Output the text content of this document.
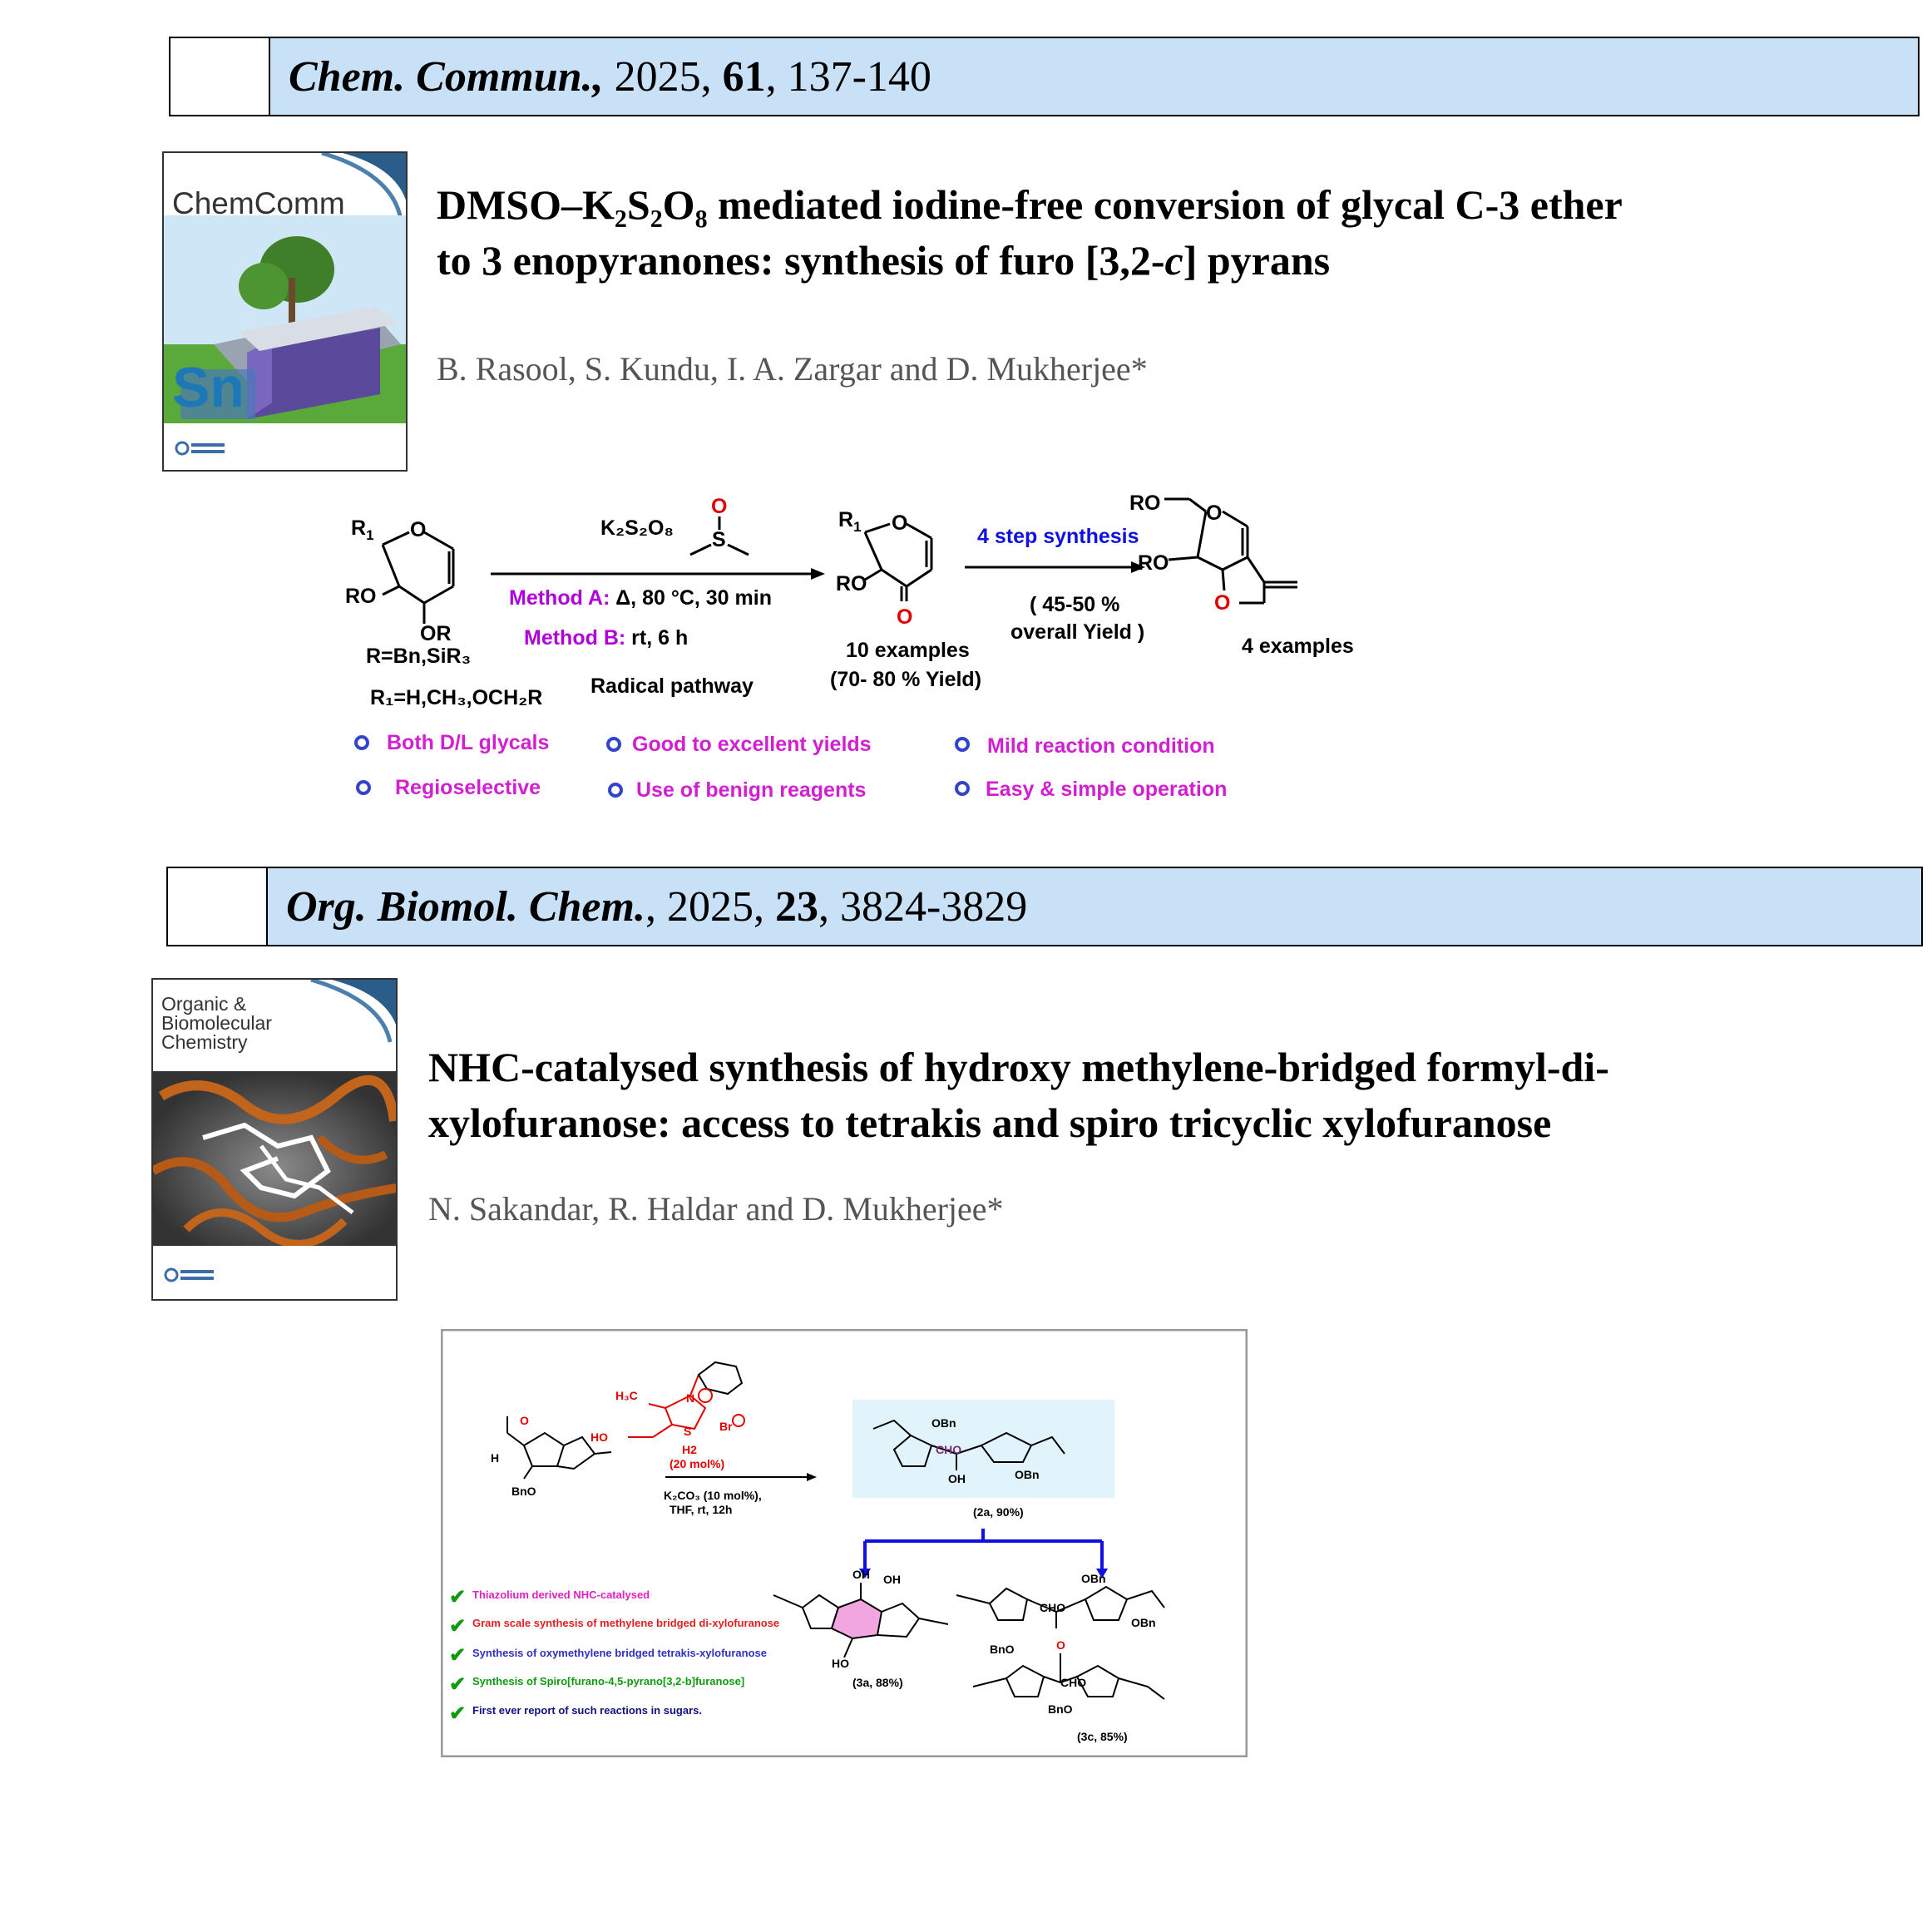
Chem. Commun., 2025, 61 , 137-140
Sn
ChemComm DMSO–K₂S₂O₈ mediated iodine-free conversion of glycal C-3 ether
to 3 enopyranones: synthesis of furo [3,2-c] pyrans
B. Rasool, S. Kundu, I. A. Zargar and D. Mukherjee*
$R_1$ O
RO
OR
R=Bn,SiR₃
R₁=H,CH₃,OCH₂R
K₂S₂O₈
O
S
Method A: Δ, 80 °C, 30 min
Method B: rt, 6 h
Radical pathway
$R_1$ O
RO
O
10 examples
(70- 80 % Yield)
4 step synthesis
( 45-50 %
overall Yield )
RO O
RO
O
4 examples
Both D/L glycals	Good to excellent yields	Mild reaction condition
Regioselective	Use of benign reagents	Easy & simple operation
Org. Biomol. Chem. , 2025, 23 , 3824-3829
Organic &
Biomolecular
Chemistry
NHC-catalysed synthesis of hydroxy methylene-bridged formyl-di-
xylofuranose: access to tetrakis and spiro tricyclic xylofuranose
N. Sakandar, R. Haldar and D. Mukherjee*
H
O
BnO
H₃C	N
S Br
HO
H2
(20 mol%)
K₂CO₃ (10 mol%),
THF, rt, 12h
OBn
CHO
OH	OBn
(2a, 90%)
✔ Thiazolium derived NHC-catalysed
✔ Gram scale synthesis of methylene bridged di-xylofuranose
✔ Synthesis of oxymethylene bridged tetrakis-xylofuranose
✔ Synthesis of Spiro[furano-4,5-pyrano[3,2-b]furanose]
✔ First ever report of such reactions in sugars.
OH OH
HO
(3a, 88%)
OBn
CHO
OBn
BnO	O
CHO
BnO
(3c, 85%)
